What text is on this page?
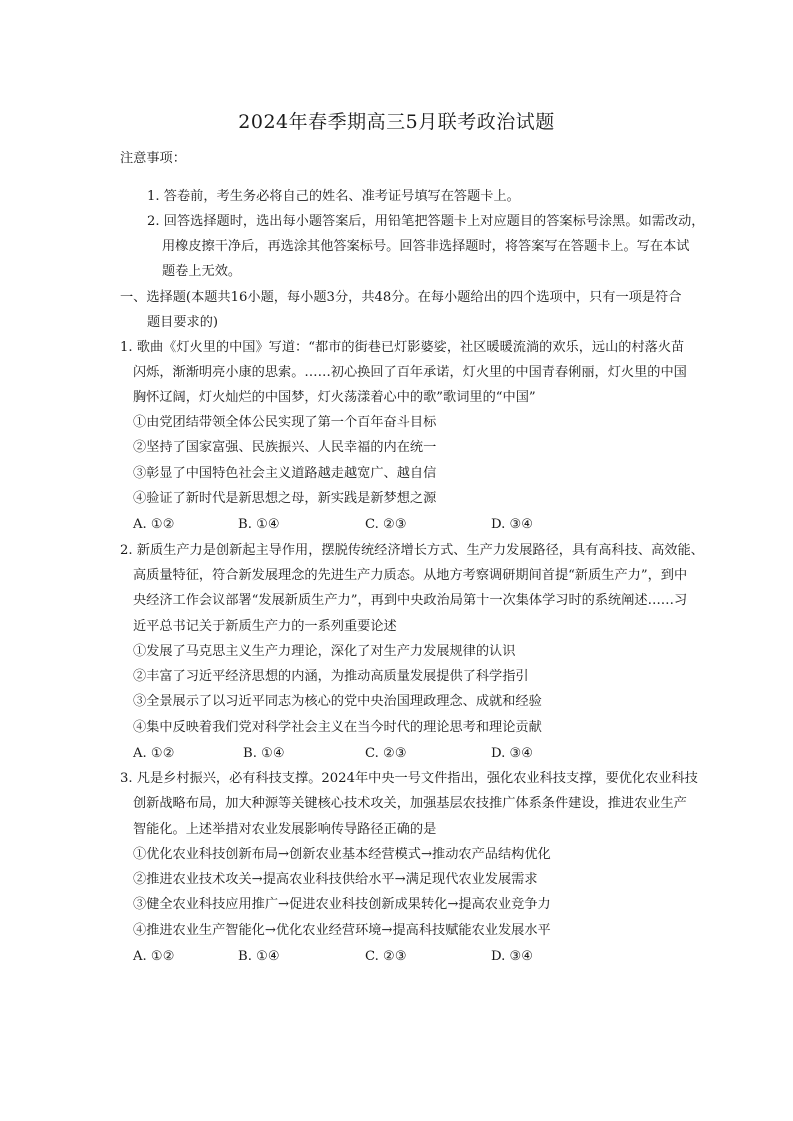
2024年春季期高三5月联考政治试题
注意事项：
1. 答卷前，考生务必将自己的姓名、准考证号填写在答题卡上。
2. 回答选择题时，选出每小题答案后，用铅笔把答题卡上对应题目的答案标号涂黑。如需改动，
用橡皮擦干净后，再选涂其他答案标号。回答非选择题时，将答案写在答题卡上。写在本试
题卷上无效。
一、选择题(本题共16小题，每小题3分，共48分。在每小题给出的四个选项中，只有一项是符合
题目要求的)
1. 歌曲《灯火里的中国》写道：“都市的街巷已灯影婆娑，社区暖暖流淌的欢乐，远山的村落火苗
闪烁，渐渐明亮小康的思索。……初心换回了百年承诺，灯火里的中国青春俐丽，灯火里的中国
胸怀辽阔，灯火灿烂的中国梦，灯火荡漾着心中的歌”歌词里的“中国”
①由党团结带领全体公民实现了第一个百年奋斗目标
②坚持了国家富强、民族振兴、人民幸福的内在统一
③彰显了中国特色社会主义道路越走越宽广、越自信
④验证了新时代是新思想之母，新实践是新梦想之源
A. ①②	B. ①④	C. ②③	D. ③④
2. 新质生产力是创新起主导作用，摆脱传统经济增长方式、生产力发展路径，具有高科技、高效能、
高质量特征，符合新发展理念的先进生产力质态。从地方考察调研期间首提“新质生产力”，到中
央经济工作会议部署“发展新质生产力”，再到中央政治局第十一次集体学习时的系统阐述……习
近平总书记关于新质生产力的一系列重要论述
①发展了马克思主义生产力理论，深化了对生产力发展规律的认识
②丰富了习近平经济思想的内涵，为推动高质量发展提供了科学指引
③全景展示了以习近平同志为核心的党中央治国理政理念、成就和经验
④集中反映着我们党对科学社会主义在当今时代的理论思考和理论贡献
A. ①②	B. ①④	C. ②③	D. ③④
3. 凡是乡村振兴，必有科技支撑。2024年中央一号文件指出，强化农业科技支撑，要优化农业科技
创新战略布局，加大种源等关键核心技术攻关，加强基层农技推广体系条件建设，推进农业生产
智能化。上述举措对农业发展影响传导路径正确的是
①优化农业科技创新布局→创新农业基本经营模式→推动农产品结构优化
②推进农业技术攻关→提高农业科技供给水平→满足现代农业发展需求
③健全农业科技应用推广→促进农业科技创新成果转化→提高农业竞争力
④推进农业生产智能化→优化农业经营环境→提高科技赋能农业发展水平
A. ①②	B. ①④	C. ②③	D. ③④
